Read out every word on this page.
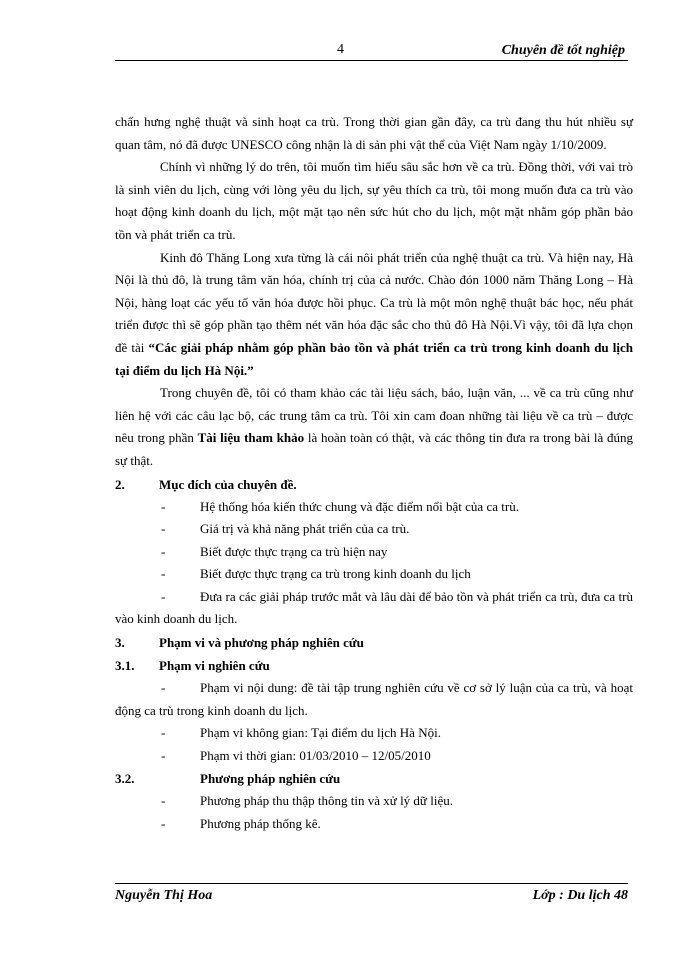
4	Chuyên đề tốt nghiệp

chấn hưng nghệ thuật và sinh hoạt ca trù. Trong thời gian gần đây, ca trù đang thu hút nhiều sự quan tâm, nó đã được UNESCO công nhận là di sản phi vật thể của Việt Nam ngày 1/10/2009.

Chính vì những lý do trên, tôi muốn tìm hiểu sâu sắc hơn về ca trù. Đồng thời, với vai trò là sinh viên du lịch, cùng với lòng yêu du lịch, sự yêu thích ca trù, tôi mong muốn đưa ca trù vào hoạt động kinh doanh du lịch, một mặt tạo nên sức hút cho du lịch, một mặt nhằm góp phần bảo tồn và phát triển ca trù.

Kinh đô Thăng Long xưa từng là cái nôi phát triển của nghệ thuật ca trù. Và hiện nay, Hà Nội là thủ đô, là trung tâm văn hóa, chính trị của cả nước. Chào đón 1000 năm Thăng Long – Hà Nội, hàng loạt các yếu tố văn hóa được hồi phục. Ca trù là một môn nghệ thuật bác học, nếu phát triển được thì sẽ góp phần tạo thêm nét văn hóa đặc sắc cho thủ đô Hà Nội.Vì vậy, tôi đã lựa chọn đề tài “Các giải pháp nhằm góp phần bảo tồn và phát triển ca trù trong kinh doanh du lịch tại điểm du lịch Hà Nội.”

Trong chuyên đề, tôi có tham khảo các tài liệu sách, báo, luận văn, ... về ca trù cũng như liên hệ với các câu lạc bộ, các trung tâm ca trù. Tôi xin cam đoan những tài liệu về ca trù – được nêu trong phần Tài liệu tham khảo là hoàn toàn có thật, và các thông tin đưa ra trong bài là đúng sự thật.

2.	Mục đích của chuyên đề.
-	Hệ thống hóa kiến thức chung và đặc điểm nổi bật của ca trù.
-	Giá trị và khả năng phát triển của ca trù.
-	Biết được thực trạng ca trù hiện nay
-	Biết được thực trạng ca trù trong kinh doanh du lịch
-	Đưa ra các giải pháp trước mắt và lâu dài để bảo tồn và phát triển ca trù, đưa ca trù vào kinh doanh du lịch.
3.	Phạm vi và phương pháp nghiên cứu
3.1.	Phạm vi nghiên cứu
-	Phạm vi nội dung: đề tài tập trung nghiên cứu về cơ sở lý luận của ca trù, và hoạt động ca trù trong kinh doanh du lịch.
-	Phạm vi không gian: Tại điểm du lịch Hà Nội.
-	Phạm vi thời gian: 01/03/2010 – 12/05/2010
3.2.	Phương pháp nghiên cứu
-	Phương pháp thu thập thông tin và xử lý dữ liệu.
-	Phương pháp thống kê.
Nguyễn Thị Hoa	Lớp : Du lịch 48
